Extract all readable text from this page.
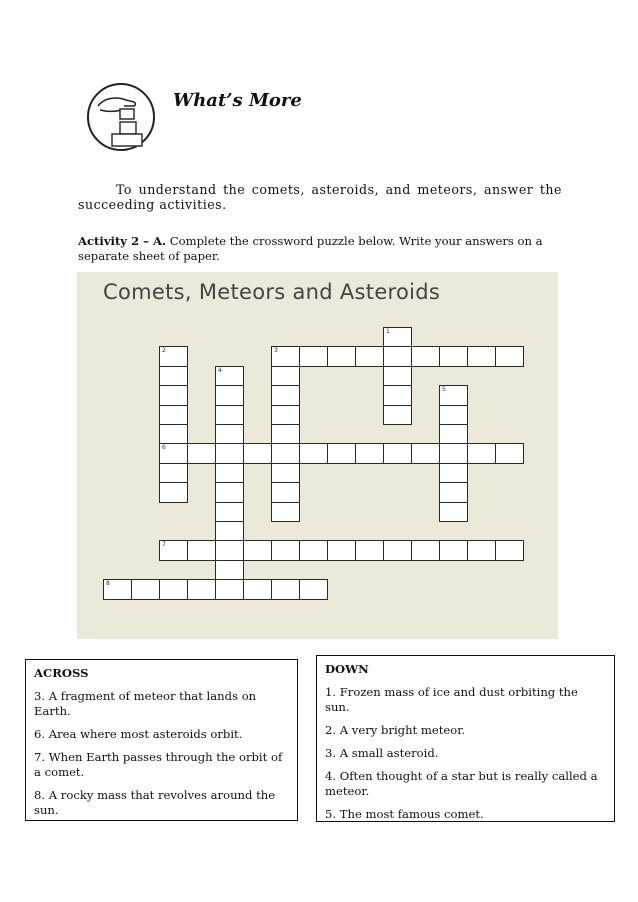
What’s More
To understand the comets, asteroids, and meteors, answer the succeeding activities.
Activity 2 – A. Complete the crossword puzzle below. Write your answers on a separate sheet of paper.
Comets, Meteors and Asteroids
3
6
7
8
1
2
4
5
ACROSS

3. A fragment of meteor that lands on Earth.

6. Area where most asteroids orbit.

7. When Earth passes through the orbit of a comet.

8. A rocky mass that revolves around the sun.

DOWN

1. Frozen mass of ice and dust orbiting the sun.

2. A very bright meteor.

3. A small asteroid.

4. Often thought of a star but is really called a meteor.

5. The most famous comet.
